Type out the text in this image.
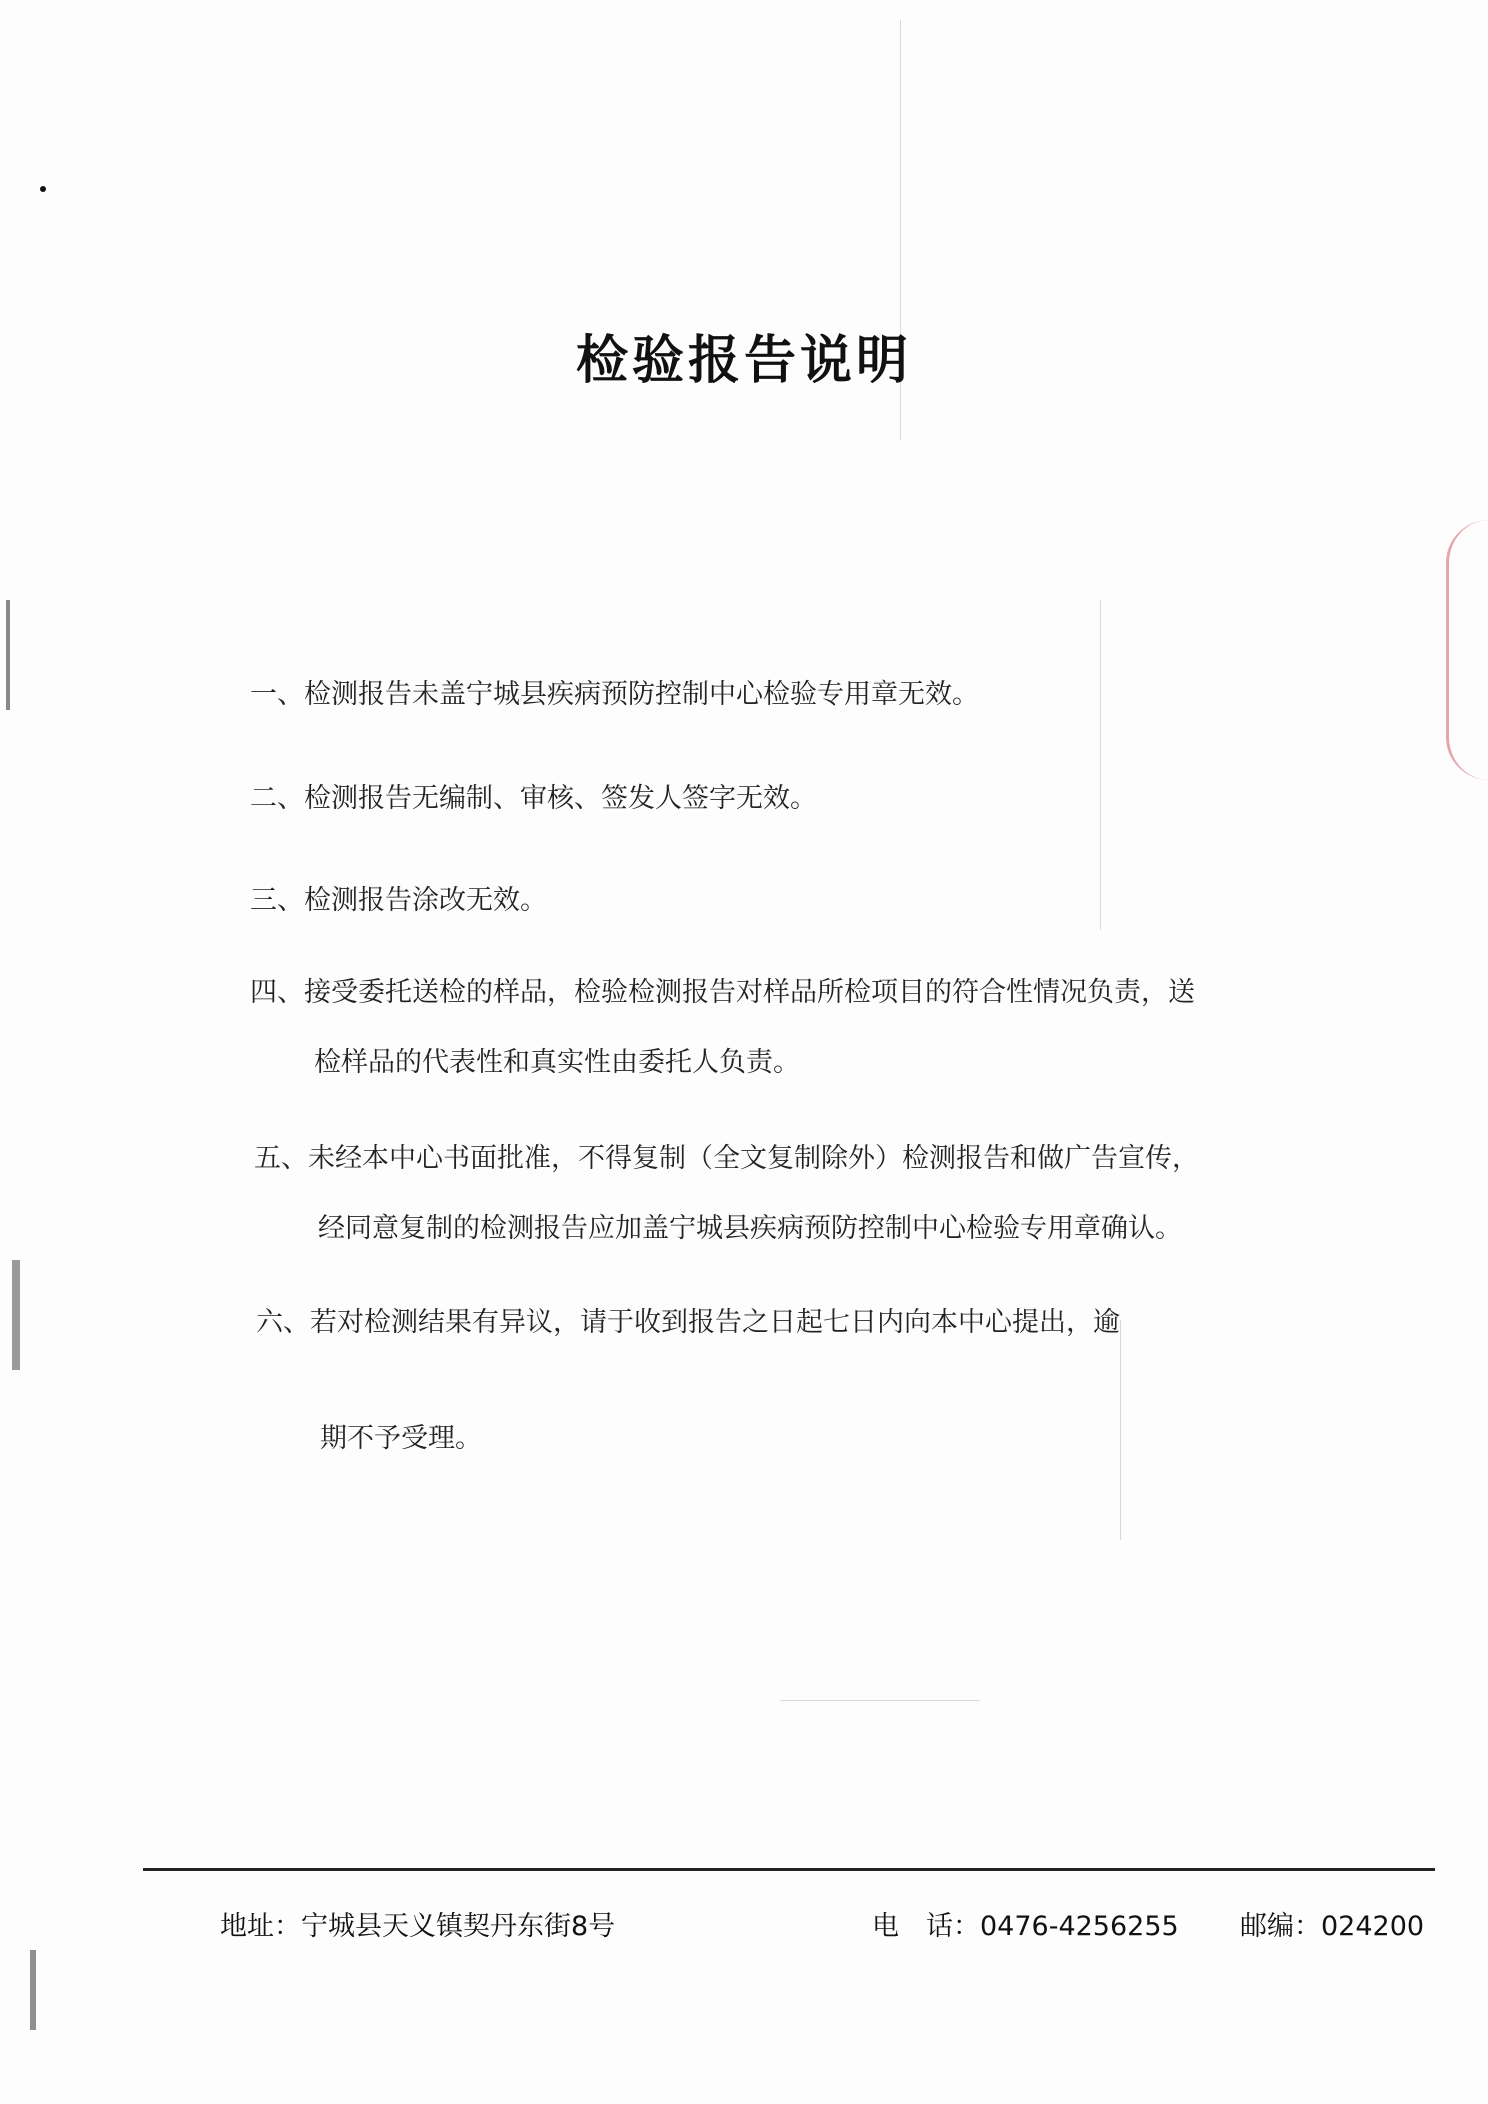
检验报告说明
一、检测报告未盖宁城县疾病预防控制中心检验专用章无效。
二、检测报告无编制、审核、签发人签字无效。
三、检测报告涂改无效。
四、接受委托送检的样品，检验检测报告对样品所检项目的符合性情况负责，送
检样品的代表性和真实性由委托人负责。
五、未经本中心书面批准，不得复制（全文复制除外）检测报告和做广告宣传，
经同意复制的检测报告应加盖宁城县疾病预防控制中心检验专用章确认。
六、若对检测结果有异议，请于收到报告之日起七日内向本中心提出，逾
期不予受理。
地址：宁城县天义镇契丹东街8号	电　话：0476-4256255 邮编：024200
